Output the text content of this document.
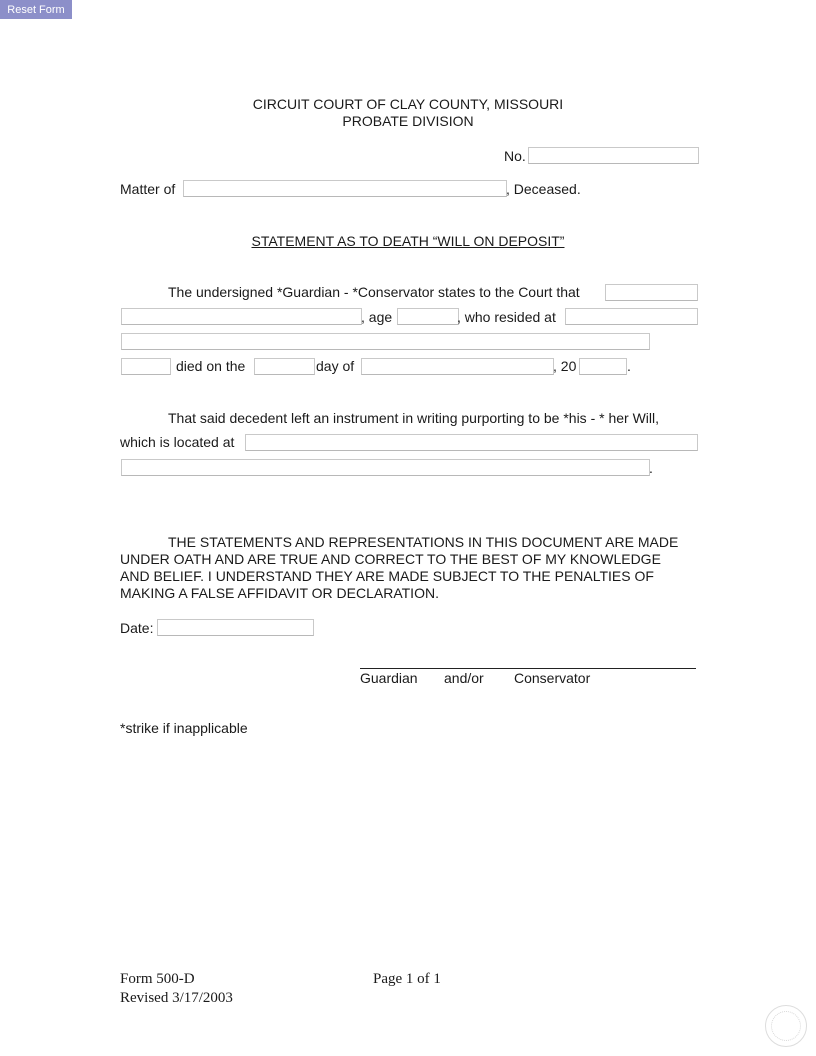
Reset Form
CIRCUIT COURT OF CLAY COUNTY, MISSOURI
PROBATE DIVISION
No.
Matter of	, Deceased.
STATEMENT AS TO DEATH “WILL ON DEPOSIT”
The undersigned *Guardian - *Conservator states to the Court that
, age	, who resided at
died on the	day of	, 20	.
That said decedent left an instrument in writing purporting to be *his - * her Will,
which is located at
.
THE STATEMENTS AND REPRESENTATIONS IN THIS DOCUMENT ARE MADE UNDER OATH AND ARE TRUE AND CORRECT TO THE BEST OF MY KNOWLEDGE AND BELIEF. I UNDERSTAND THEY ARE MADE SUBJECT TO THE PENALTIES OF MAKING A FALSE AFFIDAVIT OR DECLARATION.
Date:
Guardian and/or Conservator
*strike if inapplicable
Form 500-D
Revised 3/17/2003
Page 1 of 1
